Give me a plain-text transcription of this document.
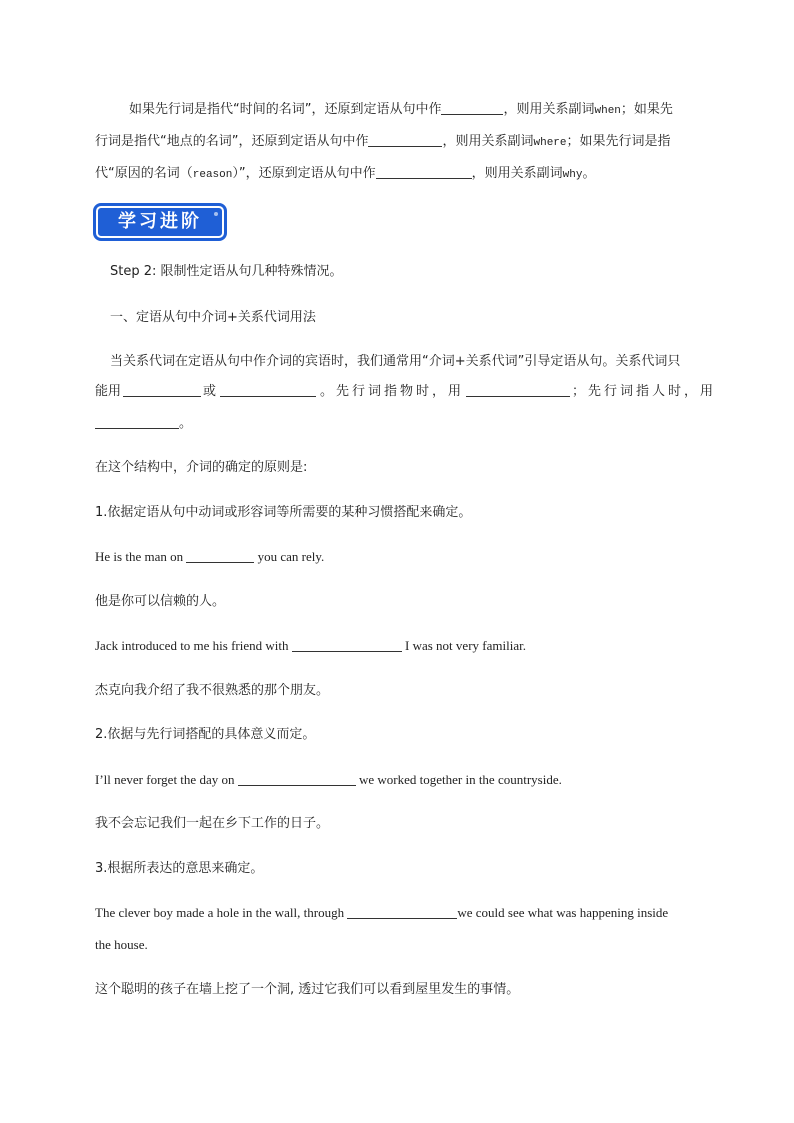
如果先行词是指代“时间的名词”，还原到定语从句中作	，则用关系副词when；如果先
行词是指代“地点的名词”，还原到定语从句中作	，则用关系副词where；如果先行词是指
代“原因的名词（reason）”，还原到定语从句中作	，则用关系副词why。
学习进阶
Step 2: 限制性定语从句几种特殊情况。
一、定语从句中介词+关系代词用法
当关系代词在定语从句中作介词的宾语时，我们通常用“介词+关系代词”引导定语从句。关系代词只
能用	或	。先行词指物时，用	；先行词指人时，用
。
在这个结构中，介词的确定的原则是:
1.依据定语从句中动词或形容词等所需要的某种习惯搭配来确定。
He is the man on	you can rely.
他是你可以信赖的人。
Jack introduced to me his friend with	I was not very familiar.
杰克向我介绍了我不很熟悉的那个朋友。
2.依据与先行词搭配的具体意义而定。
I’ll never forget the day on	we worked together in the countryside.
我不会忘记我们一起在乡下工作的日子。
3.根据所表达的意思来确定。
The clever boy made a hole in the wall, through	we could see what was happening inside
the house.
这个聪明的孩子在墙上挖了一个洞, 透过它我们可以看到屋里发生的事情。
